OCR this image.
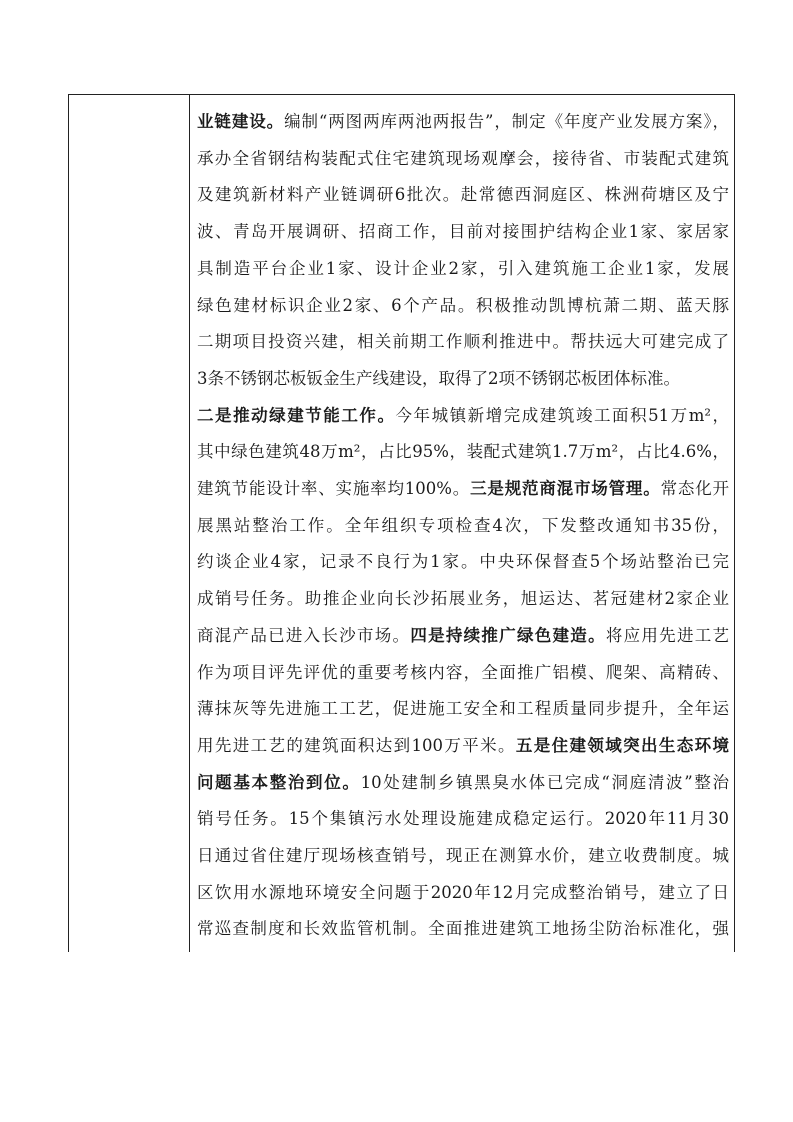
业链建设。编制“两图两库两池两报告”，制定《年度产业发展方案》，
承办全省钢结构装配式住宅建筑现场观摩会，接待省、市装配式建筑
及建筑新材料产业链调研6批次。赴常德西洞庭区、株洲荷塘区及宁
波、青岛开展调研、招商工作，目前对接围护结构企业1家、家居家
具制造平台企业1家、设计企业2家，引入建筑施工企业1家，发展
绿色建材标识企业2家、6个产品。积极推动凯博杭萧二期、蓝天豚
二期项目投资兴建，相关前期工作顺利推进中。帮扶远大可建完成了
3条不锈钢芯板钣金生产线建设，取得了2项不锈钢芯板团体标准。
二是推动绿建节能工作。今年城镇新增完成建筑竣工面积51万m²，
其中绿色建筑48万m²，占比95%，装配式建筑1.7万m²，占比4.6%，
建筑节能设计率、实施率均100%。三是规范商混市场管理。常态化开
展黑站整治工作。全年组织专项检查4次，下发整改通知书35份，
约谈企业4家，记录不良行为1家。中央环保督查5个场站整治已完
成销号任务。助推企业向长沙拓展业务，旭运达、茗冠建材2家企业
商混产品已进入长沙市场。四是持续推广绿色建造。将应用先进工艺
作为项目评先评优的重要考核内容，全面推广铝模、爬架、高精砖、
薄抹灰等先进施工工艺，促进施工安全和工程质量同步提升，全年运
用先进工艺的建筑面积达到100万平米。五是住建领域突出生态环境
问题基本整治到位。10处建制乡镇黑臭水体已完成“洞庭清波”整治
销号任务。15个集镇污水处理设施建成稳定运行。2020年11月30
日通过省住建厅现场核查销号，现正在测算水价，建立收费制度。城
区饮用水源地环境安全问题于2020年12月完成整治销号，建立了日
常巡查制度和长效监管机制。全面推进建筑工地扬尘防治标准化，强
